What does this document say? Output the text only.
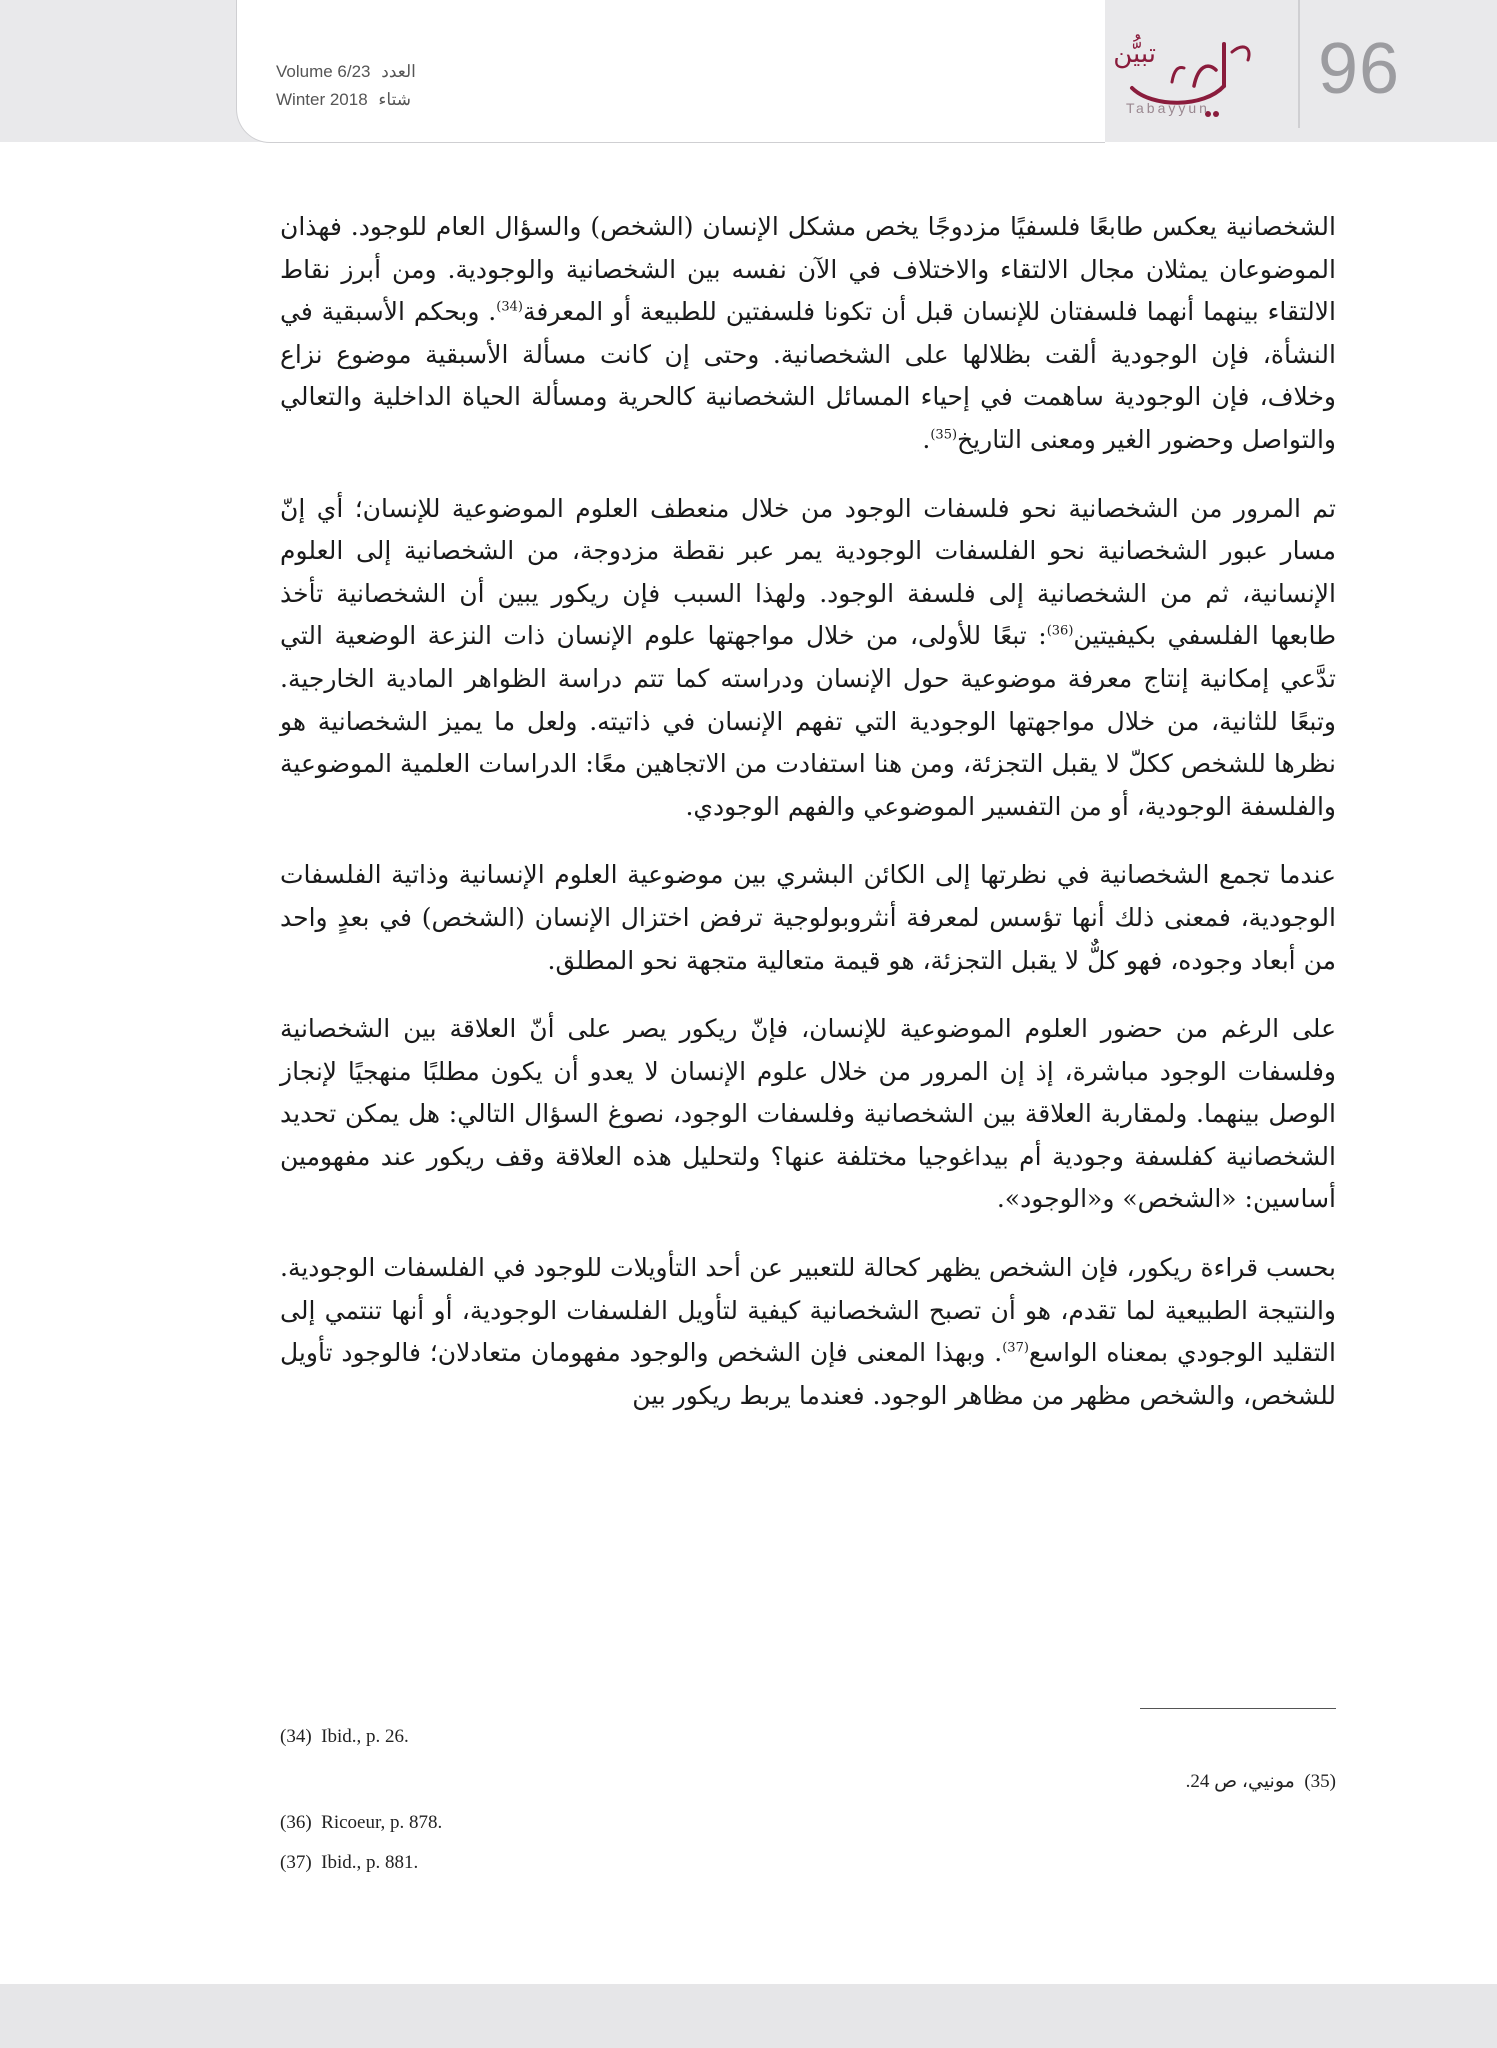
Volume 6/23 العدد
Winter 2018 شتاء
تبيُّن
Tabayyun 96

الشخصانية يعكس طابعًا فلسفيًا مزدوجًا يخص مشكل الإنسان (الشخص) والسؤال العام للوجود. فهذان الموضوعان يمثلان مجال الالتقاء والاختلاف في الآن نفسه بين الشخصانية والوجودية. ومن أبرز نقاط الالتقاء بينهما أنهما فلسفتان للإنسان قبل أن تكونا فلسفتين للطبيعة أو المعرفة$^{(34)}$. وبحكم الأسبقية في النشأة، فإن الوجودية ألقت بظلالها على الشخصانية. وحتى إن كانت مسألة الأسبقية موضوع نزاع وخلاف، فإن الوجودية ساهمت في إحياء المسائل الشخصانية كالحرية ومسألة الحياة الداخلية والتعالي والتواصل وحضور الغير ومعنى التاريخ$^{(35)}$.

تم المرور من الشخصانية نحو فلسفات الوجود من خلال منعطف العلوم الموضوعية للإنسان؛ أي إنّ مسار عبور الشخصانية نحو الفلسفات الوجودية يمر عبر نقطة مزدوجة، من الشخصانية إلى العلوم الإنسانية، ثم من الشخصانية إلى فلسفة الوجود. ولهذا السبب فإن ريكور يبين أن الشخصانية تأخذ طابعها الفلسفي بكيفيتين$^{(36)}$: تبعًا للأولى، من خلال مواجهتها علوم الإنسان ذات النزعة الوضعية التي تدَّعي إمكانية إنتاج معرفة موضوعية حول الإنسان ودراسته كما تتم دراسة الظواهر المادية الخارجية. وتبعًا للثانية، من خلال مواجهتها الوجودية التي تفهم الإنسان في ذاتيته. ولعل ما يميز الشخصانية هو نظرها للشخص ككلّ لا يقبل التجزئة، ومن هنا استفادت من الاتجاهين معًا: الدراسات العلمية الموضوعية والفلسفة الوجودية، أو من التفسير الموضوعي والفهم الوجودي.

عندما تجمع الشخصانية في نظرتها إلى الكائن البشري بين موضوعية العلوم الإنسانية وذاتية الفلسفات الوجودية، فمعنى ذلك أنها تؤسس لمعرفة أنثروبولوجية ترفض اختزال الإنسان (الشخص) في بعدٍ واحد من أبعاد وجوده، فهو كلٌّ لا يقبل التجزئة، هو قيمة متعالية متجهة نحو المطلق.

على الرغم من حضور العلوم الموضوعية للإنسان، فإنّ ريكور يصر على أنّ العلاقة بين الشخصانية وفلسفات الوجود مباشرة، إذ إن المرور من خلال علوم الإنسان لا يعدو أن يكون مطلبًا منهجيًا لإنجاز الوصل بينهما. ولمقاربة العلاقة بين الشخصانية وفلسفات الوجود، نصوغ السؤال التالي: هل يمكن تحديد الشخصانية كفلسفة وجودية أم بيداغوجيا مختلفة عنها؟ ولتحليل هذه العلاقة وقف ريكور عند مفهومين أساسين: «الشخص» و«الوجود».

بحسب قراءة ريكور، فإن الشخص يظهر كحالة للتعبير عن أحد التأويلات للوجود في الفلسفات الوجودية. والنتيجة الطبيعية لما تقدم، هو أن تصبح الشخصانية كيفية لتأويل الفلسفات الوجودية، أو أنها تنتمي إلى التقليد الوجودي بمعناه الواسع$^{(37)}$. وبهذا المعنى فإن الشخص والوجود مفهومان متعادلان؛ فالوجود تأويل للشخص، والشخص مظهر من مظاهر الوجود. فعندما يربط ريكور بين

(34) Ibid., p. 26.
(35)  مونيي، ص 24.
(36) Ricoeur, p. 878.
(37) Ibid., p. 881.
